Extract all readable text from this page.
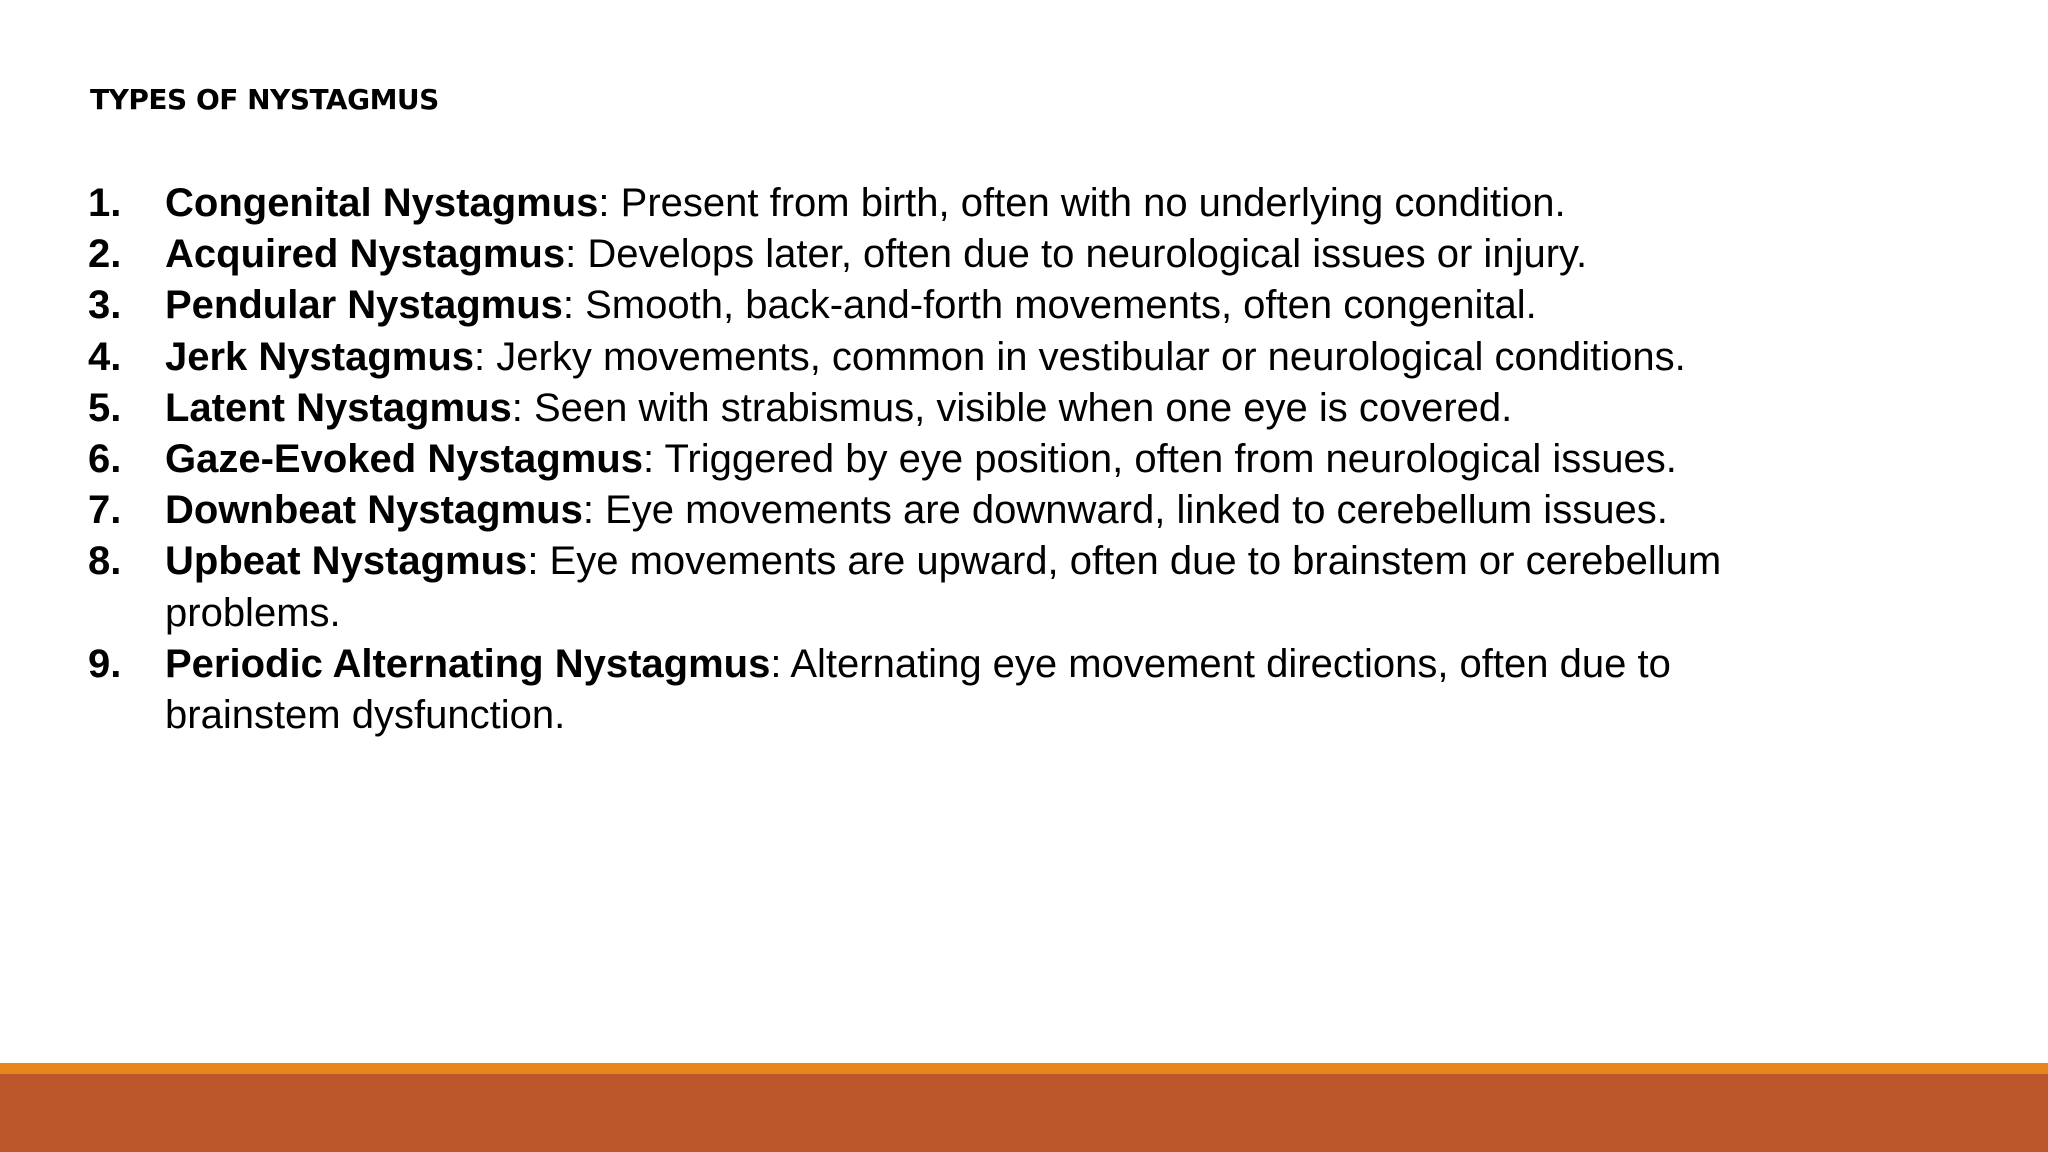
TYPES OF NYSTAGMUS
1.	Congenital Nystagmus: Present from birth, often with no underlying condition.
2.	Acquired Nystagmus: Develops later, often due to neurological issues or injury.
3.	Pendular Nystagmus: Smooth, back-and-forth movements, often congenital.
4.	Jerk Nystagmus: Jerky movements, common in vestibular or neurological conditions.
5.	Latent Nystagmus: Seen with strabismus, visible when one eye is covered.
6.	Gaze-Evoked Nystagmus: Triggered by eye position, often from neurological issues.
7.	Downbeat Nystagmus: Eye movements are downward, linked to cerebellum issues.
8.	Upbeat Nystagmus: Eye movements are upward, often due to brainstem or cerebellum problems.
9.	Periodic Alternating Nystagmus: Alternating eye movement directions, often due to brainstem dysfunction.
